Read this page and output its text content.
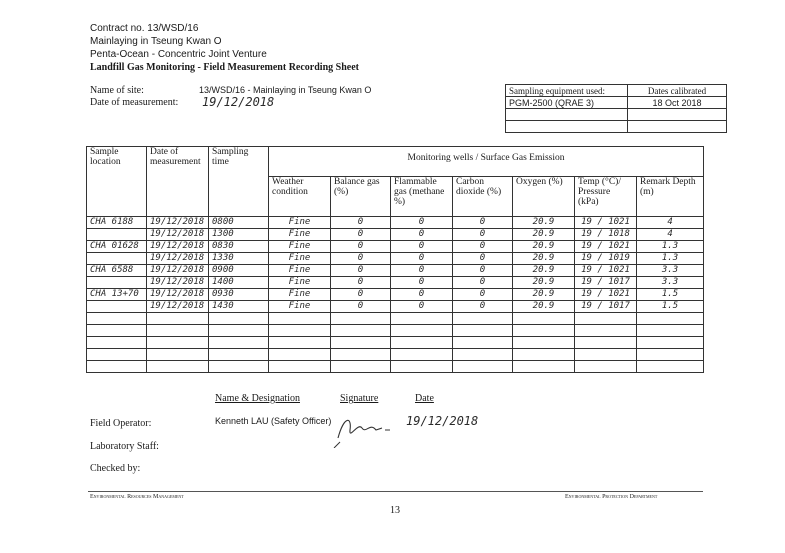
Contract no. 13/WSD/16
Mainlaying in Tseung Kwan O
Penta-Ocean - Concentric Joint Venture
Landfill Gas Monitoring - Field Measurement Recording Sheet
Name of site:	13/WSD/16 - Mainlaying in Tseung Kwan O
Date of measurement: 19/12/2018
Sampling equipment used:	Dates calibrated
PGM-2500 (QRAE 3)	18 Oct 2018

Sample location	Date of measurement	Sampling time	Monitoring wells / Surface Gas Emission						
			Weather condition	Balance gas (%)	Flammable gas (methane %)	Carbon dioxide (%)	Oxygen (%)	Temp (°C)/ Pressure (kPa)	Remark Depth (m)
CHA 6188	19/12/2018	0800	Fine	0	0	0	20.9	19 / 1021	4
	19/12/2018	1300	Fine	0	0	0	20.9	19 / 1018	4
CHA 01628	19/12/2018	0830	Fine	0	0	0	20.9	19 / 1021	1.3
	19/12/2018	1330	Fine	0	0	0	20.9	19 / 1019	1.3
CHA 6588	19/12/2018	0900	Fine	0	0	0	20.9	19 / 1021	3.3
	19/12/2018	1400	Fine	0	0	0	20.9	19 / 1017	3.3
CHA 13+70	19/12/2018	0930	Fine	0	0	0	20.9	19 / 1021	1.5
	19/12/2018	1430	Fine	0	0	0	20.9	19 / 1017	1.5

Name & Designation	Signature	Date
Field Operator:	Kenneth LAU (Safety Officer)	19/12/2018
Laboratory Staff:
Checked by:
Environmental Resources Management	Environmental Protection Department
13
